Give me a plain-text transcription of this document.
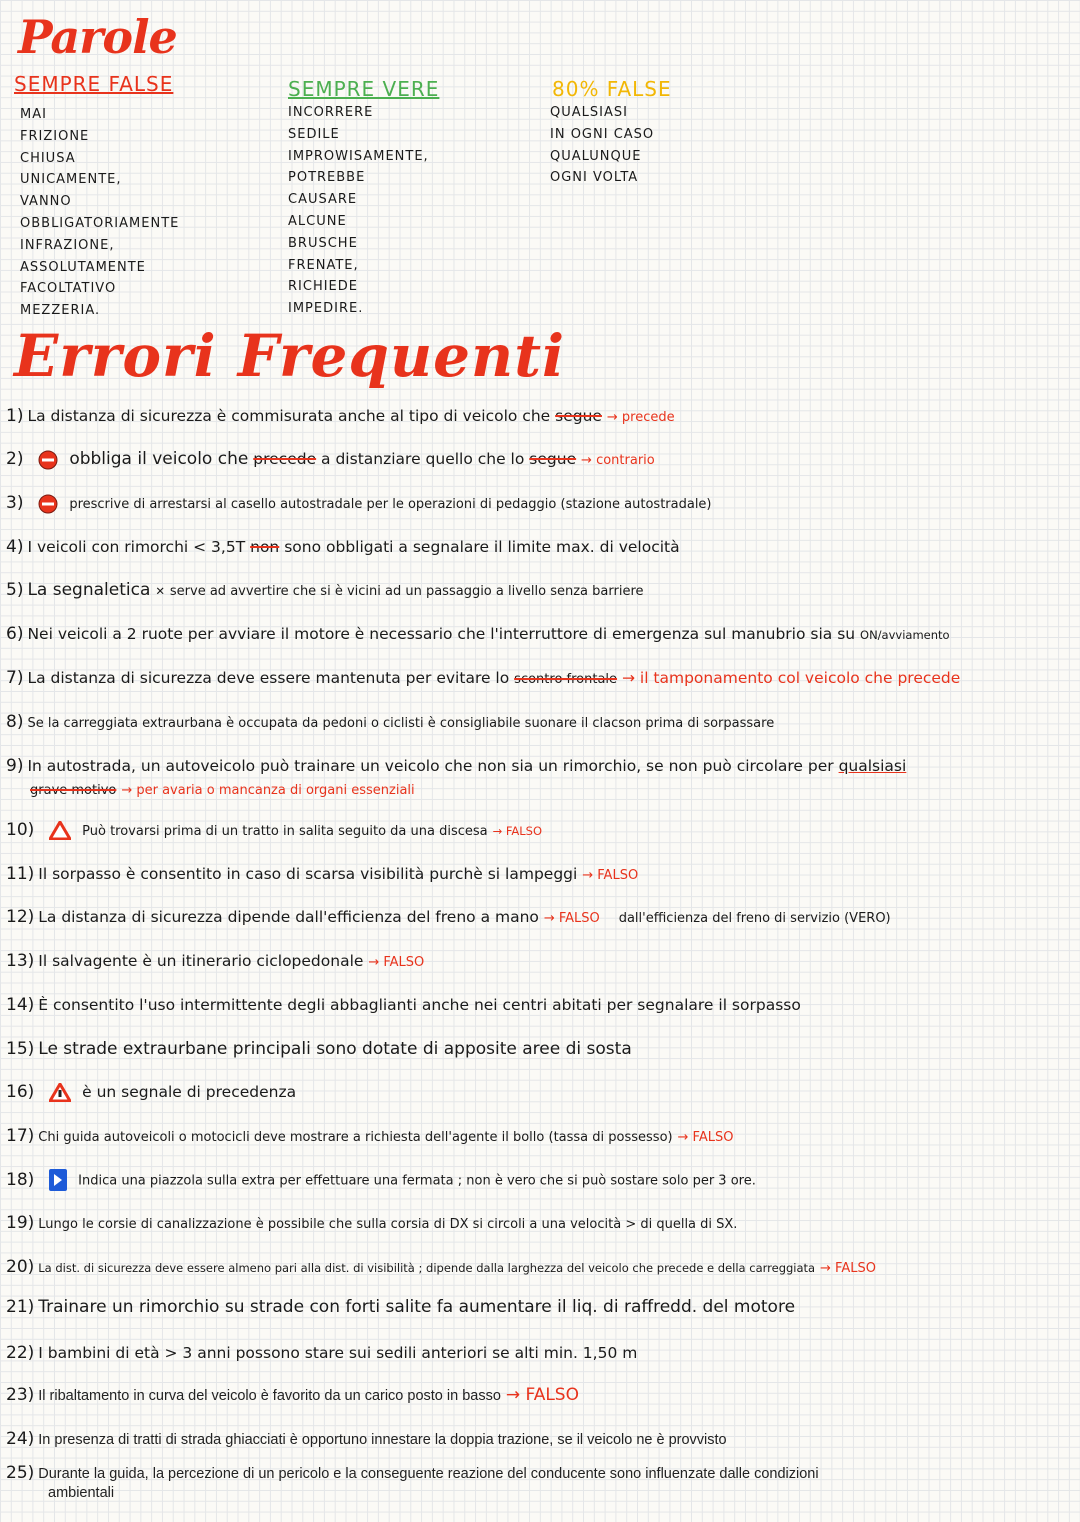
Parole
SEMPRE FALSE
MAI
FRIZIONE
CHIUSA
UNICAMENTE,
VANNO
OBBLIGATORIAMENTE
INFRAZIONE,
ASSOLUTAMENTE
FACOLTATIVO
MEZZERIA.
SEMPRE VERE
INCORRERE
SEDILE
IMPROWISAMENTE,
POTREBBE
CAUSARE
ALCUNE
BRUSCHE
FRENATE,
RICHIEDE
IMPEDIRE.
80% FALSE
QUALSIASI
IN OGNI CASO
QUALUNQUE
OGNI VOLTA
Errori Frequenti
1) La distanza di sicurezza è commisurata anche al tipo di veicolo che segue → precede
2)	obbliga il veicolo che precede a distanziare quello che lo segue → contrario
3)	prescrive di arrestarsi al casello autostradale per le operazioni di pedaggio (stazione autostradale)
4) I veicoli con rimorchi < 3,5T non sono obbligati a segnalare il limite max. di velocità
5) La segnaletica ✕ serve ad avvertire che si è vicini ad un passaggio a livello senza barriere
6) Nei veicoli a 2 ruote per avviare il motore è necessario che l'interruttore di emergenza sul manubrio sia su ON/avviamento
7) La distanza di sicurezza deve essere mantenuta per evitare lo scontro frontale → il tamponamento col veicolo che precede
8) Se la carreggiata extraurbana è occupata da pedoni o ciclisti è consigliabile suonare il clacson prima di sorpassare
9) In autostrada, un autoveicolo può trainare un veicolo che non sia un rimorchio, se non può circolare per qualsiasi
grave motivo → per avaria o mancanza di organi essenziali
10)	Può trovarsi prima di un tratto in salita seguito da una discesa → FALSO
11) Il sorpasso è consentito in caso di scarsa visibilità purchè si lampeggi → FALSO
12) La distanza di sicurezza dipende dall'efficienza del freno a mano → FALSO dall'efficienza del freno di servizio (VERO)
13) Il salvagente è un itinerario ciclopedonale → FALSO
14) È consentito l'uso intermittente degli abbaglianti anche nei centri abitati per segnalare il sorpasso
15) Le strade extraurbane principali sono dotate di apposite aree di sosta
16)	è un segnale di precedenza
17) Chi guida autoveicoli o motocicli deve mostrare a richiesta dell'agente il bollo (tassa di possesso) → FALSO
18)	Indica una piazzola sulla extra per effettuare una fermata ; non è vero che si può sostare solo per 3 ore.
19) Lungo le corsie di canalizzazione è possibile che sulla corsia di DX si circoli a una velocità > di quella di SX.
20) La dist. di sicurezza deve essere almeno pari alla dist. di visibilità ; dipende dalla larghezza del veicolo che precede e della carreggiata → FALSO
21) Trainare un rimorchio su strade con forti salite fa aumentare il liq. di raffredd. del motore
22) I bambini di età > 3 anni possono stare sui sedili anteriori se alti min. 1,50 m
23) Il ribaltamento in curva del veicolo è favorito da un carico posto in basso → FALSO
24) In presenza di tratti di strada ghiacciati è opportuno innestare la doppia trazione, se il veicolo ne è provvisto
25) Durante la guida, la percezione di un pericolo e la conseguente reazione del conducente sono influenzate dalle condizioni
ambientali
